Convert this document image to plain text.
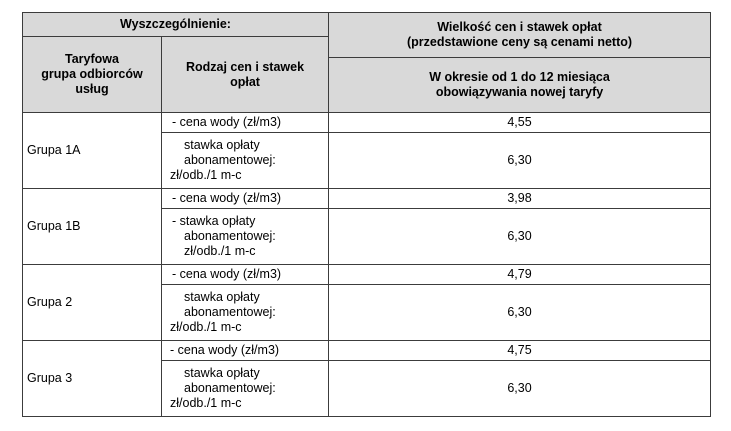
Wyszczególnienie:		Wielkość cen i stawek opłat
(przedstawione ceny są cenami netto)

Taryfowa
grupa odbiorców
usług	Rodzaj cen i stawek
opłat	

		W okresie od 1 do 12 miesiąca
obowiązywania nowej taryfy

Grupa 1A	- cena wody (zł/m3)	4,55

	stawka opłaty
abonamentowej:
zł/odb./1 m-c	6,30
Grupa 1B	- cena wody (zł/m3)	3,98

	- stawka opłaty
abonamentowej:
zł/odb./1 m-c	6,30
Grupa 2	- cena wody (zł/m3)	4,79

	stawka opłaty
abonamentowej:
zł/odb./1 m-c	6,30
Grupa 3	- cena wody (zł/m3)	4,75

	stawka opłaty
abonamentowej:
zł/odb./1 m-c	6,30
